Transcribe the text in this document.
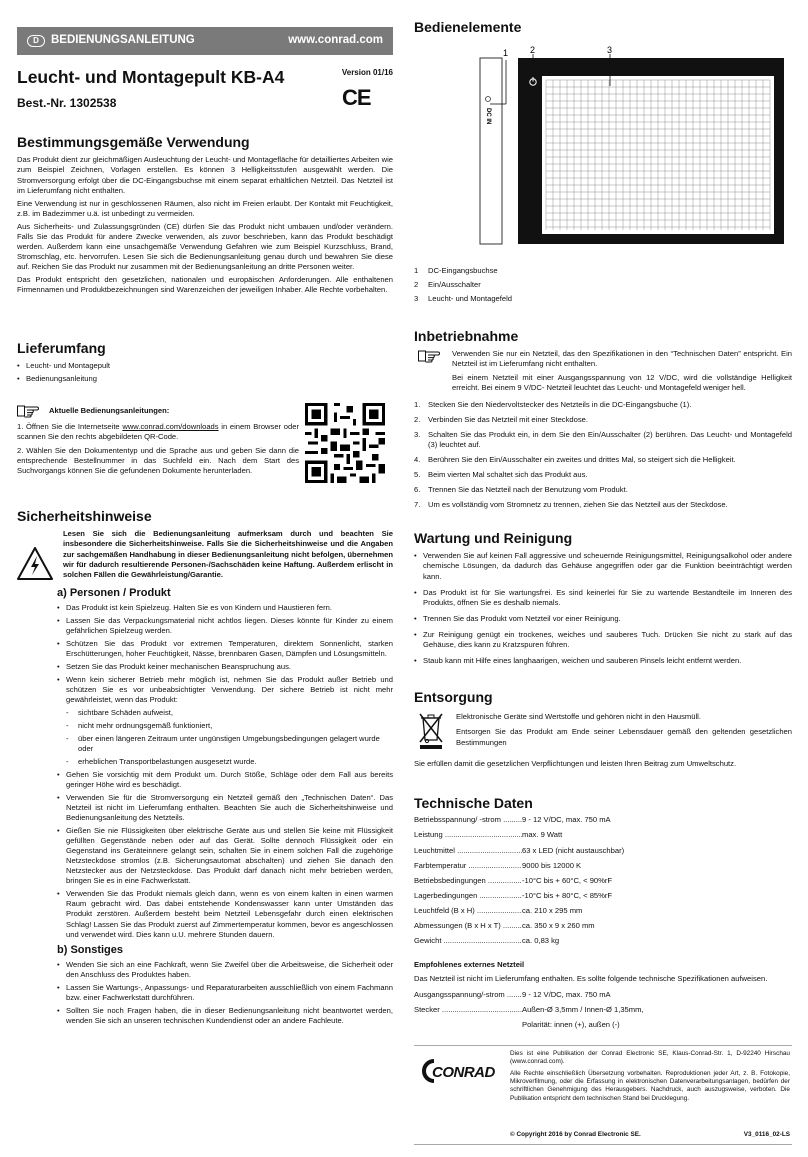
D	BEDIENUNGSANLEITUNG	www.conrad.com
Leucht- und Montagepult KB-A4
Best.-Nr. 1302538
Version 01/16
CE
Bestimmungsgemäße Verwendung

Das Produkt dient zur gleichmäßigen Ausleuchtung der Leucht- und Montagefläche für detailliertes Arbeiten wie zum Beispiel Zeichnen, Vorlagen erstellen. Es können 3 Helligkeitsstufen ausgewählt werden. Die Stromversorgung erfolgt über die DC-Eingangsbuchse mit einem separat erhältlichen Netzteil. Das Netzteil ist im Lieferumfang nicht enthalten.

Eine Verwendung ist nur in geschlossenen Räumen, also nicht im Freien erlaubt. Der Kontakt mit Feuchtigkeit, z.B. im Badezimmer u.ä. ist unbedingt zu vermeiden.

Aus Sicherheits- und Zulassungsgründen (CE) dürfen Sie das Produkt nicht umbauen und/oder verändern. Falls Sie das Produkt für andere Zwecke verwenden, als zuvor beschrieben, kann das Produkt beschädigt werden. Außerdem kann eine unsachgemäße Verwendung Gefahren wie zum Beispiel Kurzschluss, Brand, Stromschlag, etc. hervorrufen. Lesen Sie sich die Bedienungsanleitung genau durch und bewahren Sie diese auf. Reichen Sie das Produkt nur zusammen mit der Bedienungsanleitung an dritte Personen weiter.

Das Produkt entspricht den gesetzlichen, nationalen und europäischen Anforderungen. Alle enthaltenen Firmennamen und Produktbezeichnungen sind Warenzeichen der jeweiligen Inhaber. Alle Rechte vorbehalten.

Lieferumfang
• Leucht- und Montagepult
• Bedienungsanleitung
Aktuelle Bedienungsanleitungen:

1. Öffnen Sie die Internetseite www.conrad.com/downloads in einem Browser oder scannen Sie den rechts abgebildeten QR-Code.

2. Wählen Sie den Dokumententyp und die Sprache aus und geben Sie dann die entsprechende Bestellnummer in das Suchfeld ein. Nach dem Start des Suchvorgangs können Sie die gefundenen Dokumente herunterladen.

Sicherheitshinweise

Lesen Sie sich die Bedienungsanleitung aufmerksam durch und beachten Sie insbesondere die Sicherheitshinweise. Falls Sie die Sicherheitshinweise und die Angaben zur sachgemäßen Handhabung in dieser Bedienungsanleitung nicht befolgen, übernehmen wir für dadurch resultierende Personen-/Sachschäden keine Haftung. Außerdem erlischt in solchen Fällen die Gewährleistung/Garantie.

a) Personen / Produkt
• Das Produkt ist kein Spielzeug. Halten Sie es von Kindern und Haustieren fern.
• Lassen Sie das Verpackungsmaterial nicht achtlos liegen. Dieses könnte für Kinder zu einem gefährlichen Spielzeug werden.
• Schützen Sie das Produkt vor extremen Temperaturen, direktem Sonnenlicht, starken Erschütterungen, hoher Feuchtigkeit, Nässe, brennbaren Gasen, Dämpfen und Lösungsmitteln.
• Setzen Sie das Produkt keiner mechanischen Beanspruchung aus.
• Wenn kein sicherer Betrieb mehr möglich ist, nehmen Sie das Produkt außer Betrieb und schützen Sie es vor unbeabsichtigter Verwendung. Der sichere Betrieb ist nicht mehr gewährleistet, wenn das Produkt:
- sichtbare Schäden aufweist,
- nicht mehr ordnungsgemäß funktioniert,
- über einen längeren Zeitraum unter ungünstigen Umgebungsbedingungen gelagert wurde oder
- erheblichen Transportbelastungen ausgesetzt wurde.
• Gehen Sie vorsichtig mit dem Produkt um. Durch Stöße, Schläge oder dem Fall aus bereits geringer Höhe wird es beschädigt.
• Verwenden Sie für die Stromversorgung ein Netzteil gemäß den „Technischen Daten“. Das Netzteil ist nicht im Lieferumfang enthalten. Beachten Sie auch die Sicherheitshinweise und Bedienungsanleitung des Netzteils.
• Gießen Sie nie Flüssigkeiten über elektrische Geräte aus und stellen Sie keine mit Flüssigkeit gefüllten Gegenstände neben oder auf das Gerät. Sollte dennoch Flüssigkeit oder ein Gegenstand ins Geräteinnere gelangt sein, schalten Sie in einem solchen Fall die zugehörige Netzsteckdose stromlos (z.B. Sicherungsautomat abschalten) und ziehen Sie danach den Netzstecker aus der Netzsteckdose. Das Produkt darf danach nicht mehr betrieben werden, bringen Sie es in eine Fachwerkstatt.
• Verwenden Sie das Produkt niemals gleich dann, wenn es von einem kalten in einen warmen Raum gebracht wird. Das dabei entstehende Kondenswasser kann unter Umständen das Produkt zerstören. Außerdem besteht beim Netzteil Lebensgefahr durch einen elektrischen Schlag! Lassen Sie das Produkt zuerst auf Zimmertemperatur kommen, bevor es angeschlossen und verwendet wird. Dies kann u.U. mehrere Stunden dauern.
b) Sonstiges
• Wenden Sie sich an eine Fachkraft, wenn Sie Zweifel über die Arbeitsweise, die Sicherheit oder den Anschluss des Produktes haben.
• Lassen Sie Wartungs-, Anpassungs- und Reparaturarbeiten ausschließlich von einem Fachmann bzw. einer Fachwerkstatt durchführen.
• Sollten Sie noch Fragen haben, die in dieser Bedienungsanleitung nicht beantwortet werden, wenden Sie sich an unseren technischen Kundendienst oder an andere Fachleute.
Bedienelemente
DC IN
1 2	3
1 DC-Eingangsbuchse
2 Ein/Ausschalter
3 Leucht- und Montagefeld
Inbetriebnahme

Verwenden Sie nur ein Netzteil, das den Spezifikationen in den “Technischen Daten” entspricht. Ein Netzteil ist im Lieferumfang nicht enthalten.

Bei einem Netzteil mit einer Ausgangsspannung von 12 V/DC, wird die vollständige Helligkeit erreicht. Bei einem 9 V/DC- Netzteil leuchtet das Leucht- und Montagefeld weniger hell.

1. Stecken Sie den Niedervoltstecker des Netzteils in die DC-Eingangsbuche (1).
2. Verbinden Sie das Netzteil mit einer Steckdose.
3. Schalten Sie das Produkt ein, in dem Sie den Ein/Ausschalter (2) berühren. Das Leucht- und Montagefeld (3) leuchtet auf.
4. Berühren Sie den Ein/Ausschalter ein zweites und drittes Mal, so steigert sich die Helligkeit.
5. Beim vierten Mal schaltet sich das Produkt aus.
6. Trennen Sie das Netzteil nach der Benutzung vom Produkt.
7. Um es vollständig vom Stromnetz zu trennen, ziehen Sie das Netzteil aus der Steckdose.
Wartung und Reinigung
• Verwenden Sie auf keinen Fall aggressive und scheuernde Reinigungsmittel, Reinigungsalkohol oder andere chemische Lösungen, da dadurch das Gehäuse angegriffen oder gar die Funktion beeinträchtigt werden kann.
• Das Produkt ist für Sie wartungsfrei. Es sind keinerlei für Sie zu wartende Bestandteile im Inneren des Produkts, öffnen Sie es deshalb niemals.
• Trennen Sie das Produkt vom Netzteil vor einer Reinigung.
• Zur Reinigung genügt ein trockenes, weiches und sauberes Tuch. Drücken Sie nicht zu stark auf das Gehäuse, dies kann zu Kratzspuren führen.
• Staub kann mit Hilfe eines langhaarigen, weichen und sauberen Pinsels leicht entfernt werden.
Entsorgung

Elektronische Geräte sind Wertstoffe und gehören nicht in den Hausmüll.

Entsorgen Sie das Produkt am Ende seiner Lebensdauer gemäß den geltenden gesetzlichen Bestimmungen

Sie erfüllen damit die gesetzlichen Verpflichtungen und leisten Ihren Beitrag zum Umweltschutz.

Technische Daten
Betriebsspannung/ -strom .....	9 - 12 V/DC, max. 750 mA
Leistung .....	max. 9 Watt
Leuchtmittel .....	63 x LED (nicht austauschbar)
Farbtemperatur .....	9000 bis 12000 K
Betriebsbedingungen .....	-10°C bis + 60°C, < 90%rF
Lagerbedingungen .....	-10°C bis + 80°C, < 85%rF
Leuchtfeld (B x H) .....	ca. 210 x 295 mm
Abmessungen (B x H x T) .....	ca. 350 x 9 x 260 mm
Gewicht .....	ca. 0,83 kg
Empfohlenes externes Netzteil

Das Netzteil ist nicht im Lieferumfang enthalten. Es sollte folgende technische Spezifikationen aufweisen.

Ausgangsspannung/-strom .....	9 - 12 V/DC, max. 750 mA
Stecker .....	Außen-Ø 3,5mm / Innen-Ø 1,35mm,
Polarität: innen (+), außen (-)
CONRAD

Dies ist eine Publikation der Conrad Electronic SE, Klaus-Conrad-Str. 1, D-92240 Hirschau (www.conrad.com).

Alle Rechte einschließlich Übersetzung vorbehalten. Reproduktionen jeder Art, z. B. Fotokopie, Mikroverfilmung, oder die Erfassung in elektronischen Datenverarbeitungsanlagen, bedürfen der schriftlichen Genehmigung des Herausgebers. Nachdruck, auch auszugsweise, verboten. Die Publikation entspricht dem technischen Stand bei Drucklegung.

© Copyright 2016 by Conrad Electronic SE.	V3_0116_02-LS
